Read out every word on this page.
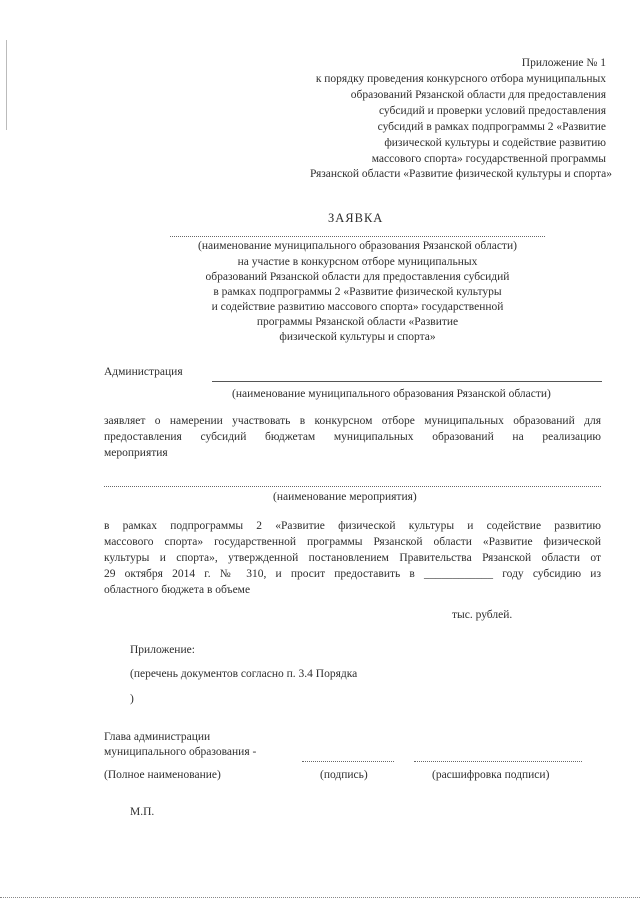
Приложение № 1
к порядку проведения конкурсного отбора муниципальных
образований Рязанской области для предоставления
субсидий и проверки условий предоставления
субсидий в рамках подпрограммы 2 «Развитие
физической культуры и содействие развитию
массового спорта» государственной программы
Рязанской области «Развитие физической культуры и спорта»
ЗАЯВКА
(наименование муниципального образования Рязанской области)
на участие в конкурсном отборе муниципальных
образований Рязанской области для предоставления субсидий
в рамках подпрограммы 2 «Развитие физической культуры
и содействие развитию массового спорта» государственной
программы Рязанской области «Развитие
физической культуры и спорта»
Администрация
(наименование муниципального образования Рязанской области)
заявляет о намерении участвовать в конкурсном отборе муниципальных образований для
предоставления субсидий бюджетам муниципальных образований на реализацию
мероприятия
(наименование мероприятия)
в рамках подпрограммы 2 «Развитие физической культуры и содействие развитию
массового спорта» государственной программы Рязанской области «Развитие физической
культуры и спорта», утвержденной постановлением Правительства Рязанской области от
29 октября 2014 г. № 310, и просит предоставить в ____________ году субсидию из
областного бюджета в объеме
тыс. рублей.
Приложение:
(перечень документов согласно п. 3.4 Порядка
)
Глава администрации
муниципального образования -
(Полное наименование)	(подпись)	(расшифровка подписи)
М.П.
